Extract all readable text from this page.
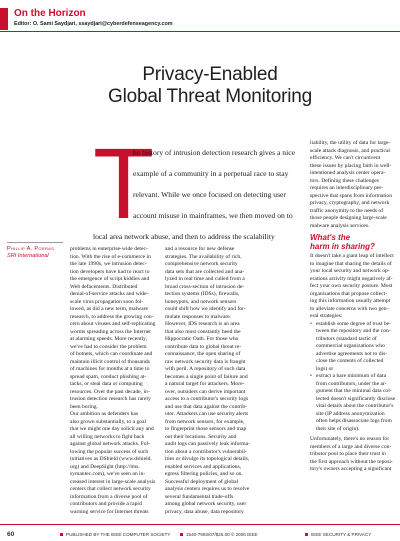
On the Horizon
Editor: O. Sami Saydjari, ssaydjari@cyberdefenseagency.com
Privacy-Enabled
Global Threat Monitoring
T
he history of intrusion detection research gives a nice
example of a community in a perpetual race to stay
relevant. While we once focused on detecting user
account misuse in mainframes, we then moved on to
local area network abuse, and then to address the scalability
Phillip A. Porras
SRI International
problems in enterprise-wide detec-
tion. With the rise of e-commerce in
the late 1990s, we intrusion detec-
tion developers have had to react to
the emergence of script kiddies and
Web defacements. Distributed
denial-of-service attacks and wide-
scale virus propagation soon fol-
lowed, as did a new term, malware
research, to address the growing con-
cern about viruses and self-replicating
worms spreading across the Internet
at alarming speeds. More recently,
we've had to consider the problem
of botnets, which can coordinate and
maintain illicit control of thousands
of machines for months at a time to
spread spam, conduct phishing at-
tacks, or steal data or computing
resources. Over the past decade, in-
trusion detection research has rarely
been boring.
Our ambition as defenders has
also grown substantially, to a goal
that we might one day solicit any and
all willing networks to fight back
against global network attacks. Fol-
lowing the popular success of such
initiatives as DShield (www.dshield.
org) and DeepSight (http://tms.
symantec.com), we've seen an in-
creased interest in large-scale analysis
centers that collect network security
information from a diverse pool of
contributors and provide a rapid
warning service for Internet threats
and a resource for new defense
strategies. The availability of rich,
comprehensive network security
data sets that are collected and ana-
lyzed in real time and culled from a
broad cross-section of intrusion de-
tection systems (IDSs), firewalls,
honeypots, and network sensors
could shift how we identify and for-
mulate responses to malware.
However, IDS research is an area
that also must constantly heed the
Hippocratic Oath. For those who
contribute data to global threat re-
connaissance, the open sharing of
raw network security data is fraught
with peril. A repository of such data
becomes a single point of failure and
a natural target for attackers. More-
over, outsiders can derive important
access to a contributor's security logs
and use that data against the contrib-
utor. Attackers can use security alerts
from network sensors, for example,
to fingerprint those sensors and map
out their locations. Security and
audit logs can passively leak informa-
tion about a contributor's vulnerabil-
ities or divulge its topological details,
enabled services and applications,
egress filtering policies, and so on.
Successful deployment of global
analysis centers requires us to resolve
several fundamental trade-offs
among global network security, user
privacy, data abuse, data repository
liability, the utility of data for large-
scale attack diagnosis, and practical
efficiency. We can't circumvent
these issues by placing faith in well-
intentioned analysis center opera-
tors. Defining these challenges
requires an interdisciplinary per-
spective that spans from information
privacy, cryptography, and network
traffic anonymity to the needs of
those people designing large-scale
malware analysis services.
What's the
harm in sharing?
It doesn't take a giant leap of intellect
to imagine that sharing the details of
your local security and network op-
erations activity might negatively af-
fect your own security posture. Most
organizations that propose collect-
ing this information usually attempt
to alleviate concerns with two gen-
eral strategies:
• establish some degree of trust be-
tween the repository and the con-
tributors (standard tactic of
commercial organizations who
advertise agreements not to dis-
close the contents of collected
logs) or
• extract a bare minimum of data
from contributors, under the ar-
gument that the minimal data col-
lected doesn't significantly disclose
vital details about the contributor's
site (IP address anonymization
often helps disassociate logs from
their site of origin).
Unfortunately, there's no reason for
members of a large and diverse con-
tributor pool to place their trust in
the first approach without the reposi-
tory's owners accepting a significant
60	PUBLISHED BY THE IEEE COMPUTER SOCIETY	1540-7993/07/$25.00 © 2006 IEEE	IEEE SECURITY & PRIVACY
